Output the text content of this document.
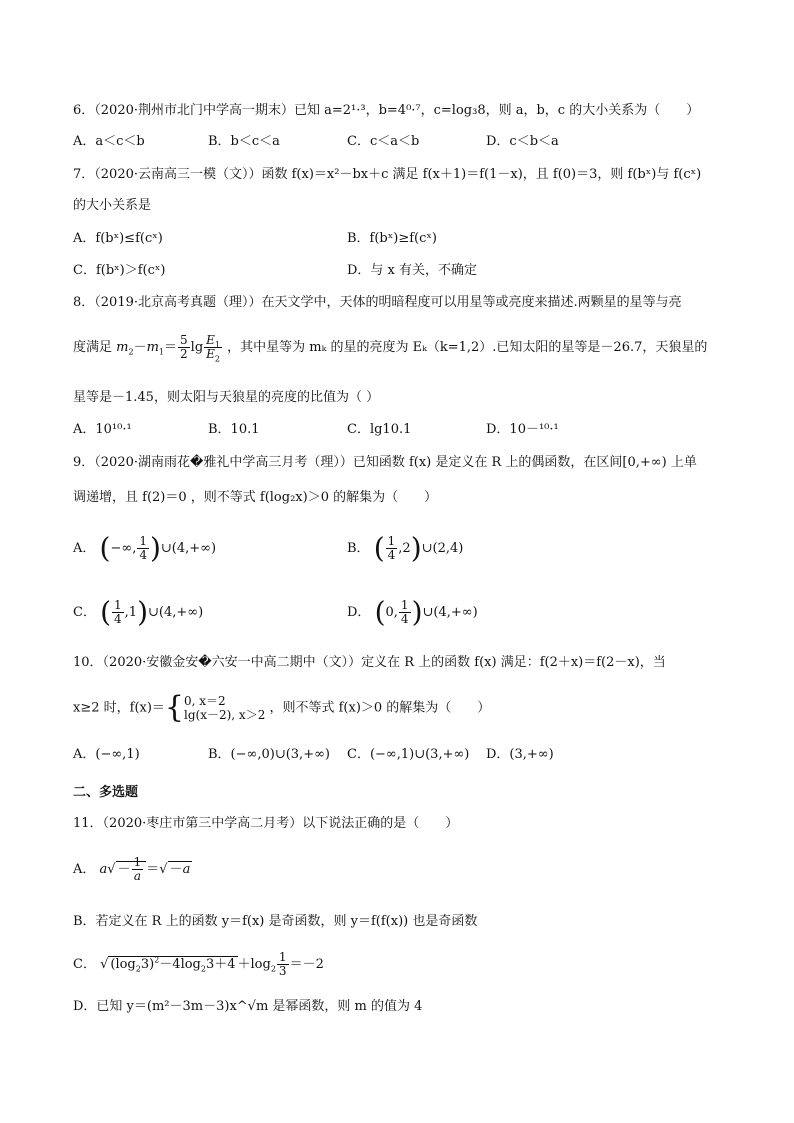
6．（2020·荆州市北门中学高一期末）已知 a=2¹·³，b=4⁰·⁷，c=log₃8，则 a，b，c 的大小关系为（　　）
A．a＜c＜b	B．b＜c＜a	C．c＜a＜b	D．c＜b＜a
7．（2020·云南高三一模（文））函数 f(x)＝x²－bx＋c 满足 f(x＋1)＝f(1－x)，且 f(0)＝3，则 f(bˣ)与 f(cˣ)
的大小关系是
A．f(bˣ)≤f(cˣ)	B．f(bˣ)≥f(cˣ)
C．f(bˣ)＞f(cˣ)	D．与 x 有关，不确定
8．（2019·北京高考真题（理））在天文学中，天体的明暗程度可以用星等或亮度来描述.两颗星的星等与亮
度满足 $m_2-m_1= \frac{5}{2}$ $\lg \frac{E_1}{E_2}$ ，其中星等为 mₖ 的星的亮度为 Eₖ（k=1,2）.已知太阳的星等是－26.7，天狼星的
星等是－1.45，则太阳与天狼星的亮度的比值为（ ）
A．10¹⁰·¹	B．10.1	C．lg10.1	D．10－¹⁰·¹
9．（2020·湖南雨花�雅礼中学高三月考（理））已知函数 f(x) 是定义在 R 上的偶函数，在区间[0,+∞) 上单
调递增，且 f(2)＝0 ，则不等式 f(log₂x)＞0 的解集为（　　）
A． (−∞, $\frac{1}{4}$ )∪(4,+∞)	B． ( $\frac{1}{4}$ ,2)∪(2,4)
C． ( $\frac{1}{4}$ ,1)∪(4,+∞)	D． (0, $\frac{1}{4}$ )∪(4,+∞)
10．（2020·安徽金安�六安一中高二期中（文））定义在 R 上的函数 f(x) 满足：f(2＋x)＝f(2－x)，当
x≥2 时，f(x)＝{ 0, x＝2
lg(x－2), x＞2 ，则不等式 f(x)＞0 的解集为（　　）
A．(−∞,1)	B．(−∞,0)∪(3,+∞) C．(−∞,1)∪(3,+∞) D．(3,+∞)
二、多选题
11．（2020·枣庄市第三中学高二月考）以下说法正确的是（　　）
A． $a√ - \frac{1}{a}$ ＝√ －a
B．若定义在 R 上的函数 y＝f(x) 是奇函数，则 y＝f(f(x)) 也是奇函数
C． √ $(\log_23)^2-4\log_23+4 +\log_2 \frac{1}{3} =-2$
D．已知 y＝(m²－3m－3)x^√m 是幂函数，则 m 的值为 4
